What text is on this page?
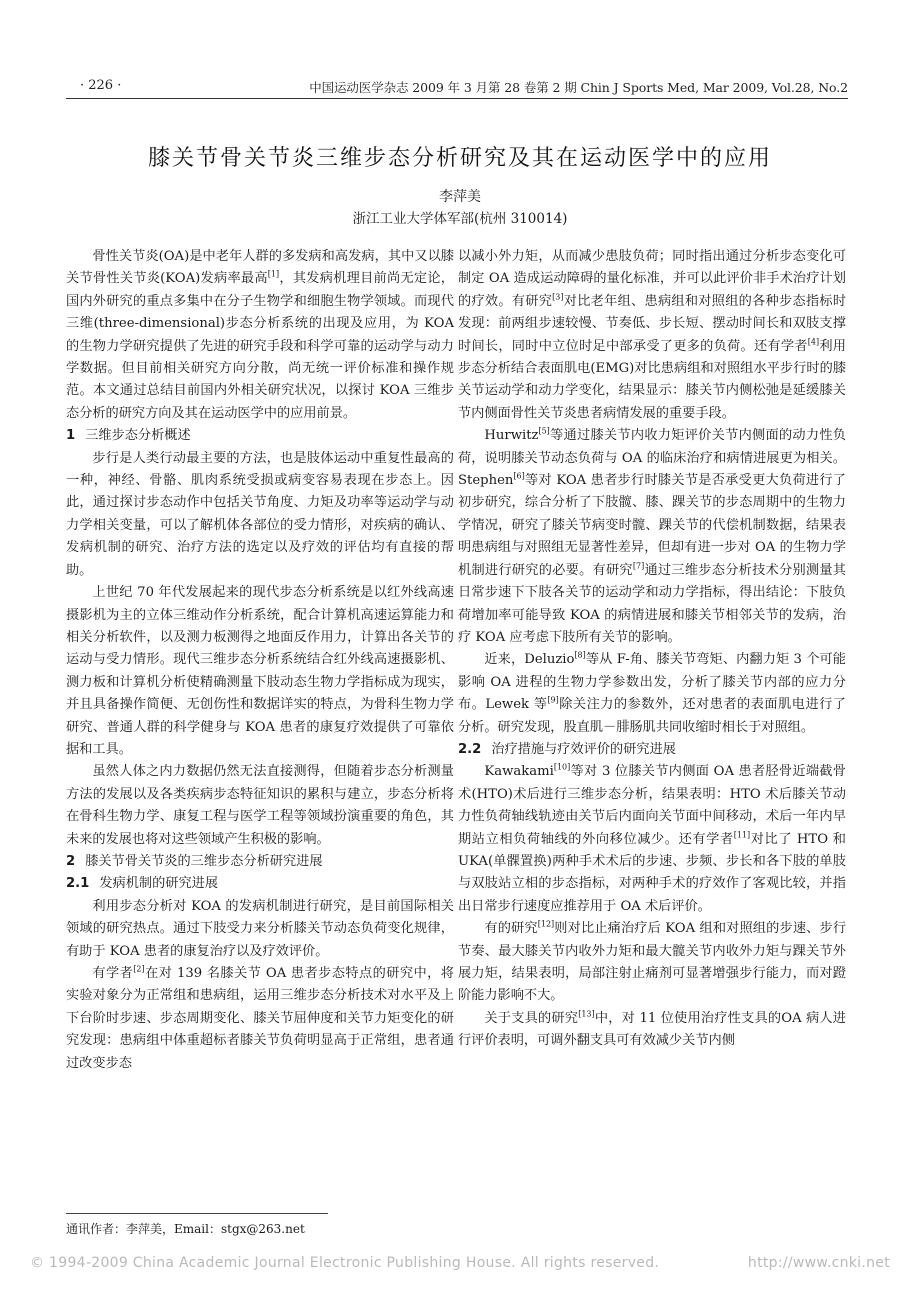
· 226 ·	中国运动医学杂志 2009 年 3 月第 28 卷第 2 期 Chin J Sports Med, Mar 2009, Vol.28, No.2
膝关节骨关节炎三维步态分析研究及其在运动医学中的应用
李萍美
浙江工业大学体军部(杭州 310014)

骨性关节炎(OA)是中老年人群的多发病和高发病，其中又以膝关节骨性关节炎(KOA)发病率最高[1]，其发病机理目前尚无定论，国内外研究的重点多集中在分子生物学和细胞生物学领域。而现代三维(three-dimensional)步态分析系统的出现及应用，为 KOA 的生物力学研究提供了先进的研究手段和科学可靠的运动学与动力学数据。但目前相关研究方向分散，尚无统一评价标准和操作规范。本文通过总结目前国内外相关研究状况，以探讨 KOA 三维步态分析的研究方向及其在运动医学中的应用前景。

1 三维步态分析概述

步行是人类行动最主要的方法，也是肢体运动中重复性最高的一种，神经、骨骼、肌肉系统受损或病变容易表现在步态上。因此，通过探讨步态动作中包括关节角度、力矩及功率等运动学与动力学相关变量，可以了解机体各部位的受力情形，对疾病的确认、发病机制的研究、治疗方法的选定以及疗效的评估均有直接的帮助。

上世纪 70 年代发展起来的现代步态分析系统是以红外线高速摄影机为主的立体三维动作分析系统，配合计算机高速运算能力和相关分析软件，以及测力板测得之地面反作用力，计算出各关节的运动与受力情形。现代三维步态分析系统结合红外线高速摄影机、测力板和计算机分析使精确测量下肢动态生物力学指标成为现实，并且具备操作简便、无创伤性和数据详实的特点，为骨科生物力学研究、普通人群的科学健身与 KOA 患者的康复疗效提供了可靠依据和工具。

虽然人体之内力数据仍然无法直接测得，但随着步态分析测量方法的发展以及各类疾病步态特征知识的累积与建立，步态分析将在骨科生物力学、康复工程与医学工程等领域扮演重要的角色，其未来的发展也将对这些领域产生积极的影响。

2 膝关节骨关节炎的三维步态分析研究进展
2.1 发病机制的研究进展

利用步态分析对 KOA 的发病机制进行研究，是目前国际相关领域的研究热点。通过下肢受力来分析膝关节动态负荷变化规律，有助于 KOA 患者的康复治疗以及疗效评价。

有学者[2]在对 139 名膝关节 OA 患者步态特点的研究中，将实验对象分为正常组和患病组，运用三维步态分析技术对水平及上下台阶时步速、步态周期变化、膝关节屈伸度和关节力矩变化的研究发现：患病组中体重超标者膝关节负荷明显高于正常组，患者通过改变步态

以减小外力矩，从而减少患肢负荷；同时指出通过分析步态变化可制定 OA 造成运动障碍的量化标准，并可以此评价非手术治疗计划的疗效。有研究[3]对比老年组、患病组和对照组的各种步态指标时发现：前两组步速较慢、节奏低、步长短、摆动时间长和双肢支撑时间长，同时中立位时足中部承受了更多的负荷。还有学者[4]利用步态分析结合表面肌电(EMG)对比患病组和对照组水平步行时的膝关节运动学和动力学变化，结果显示：膝关节内侧松弛是延缓膝关节内侧面骨性关节炎患者病情发展的重要手段。

Hurwitz[5]等通过膝关节内收力矩评价关节内侧面的动力性负荷，说明膝关节动态负荷与 OA 的临床治疗和病情进展更为相关。Stephen[6]等对 KOA 患者步行时膝关节是否承受更大负荷进行了初步研究，综合分析了下肢髋、膝、踝关节的步态周期中的生物力学情况，研究了膝关节病变时髋、踝关节的代偿机制数据，结果表明患病组与对照组无显著性差异，但却有进一步对 OA 的生物力学机制进行研究的必要。有研究[7]通过三维步态分析技术分别测量其日常步速下下肢各关节的运动学和动力学指标，得出结论：下肢负荷增加率可能导致 KOA 的病情进展和膝关节相邻关节的发病，治疗 KOA 应考虑下肢所有关节的影响。

近来，Deluzio[8]等从 F-角、膝关节弯矩、内翻力矩 3 个可能影响 OA 进程的生物力学参数出发，分析了膝关节内部的应力分布。Lewek 等[9]除关注力的参数外，还对患者的表面肌电进行了分析。研究发现，股直肌－腓肠肌共同收缩时相长于对照组。

2.2 治疗措施与疗效评价的研究进展

Kawakami[10]等对 3 位膝关节内侧面 OA 患者胫骨近端截骨术(HTO)术后进行三维步态分析，结果表明：HTO 术后膝关节动力性负荷轴线轨迹由关节后内面向关节面中间移动，术后一年内早期站立相负荷轴线的外向移位减少。还有学者[11]对比了 HTO 和 UKA(单髁置换)两种手术术后的步速、步频、步长和各下肢的单肢与双肢站立相的步态指标，对两种手术的疗效作了客观比较，并指出日常步行速度应推荐用于 OA 术后评价。

有的研究[12]则对比止痛治疗后 KOA 组和对照组的步速、步行节奏、最大膝关节内收外力矩和最大髋关节内收外力矩与踝关节外展力矩，结果表明，局部注射止痛剂可显著增强步行能力，而对蹬阶能力影响不大。

关于支具的研究[13]中，对 11 位使用治疗性支具的OA 病人进行评价表明，可调外翻支具可有效减少关节内侧

通讯作者：李萍美，Email：stgx@263.net
© 1994-2009 China Academic Journal Electronic Publishing House. All rights reserved.	http://www.cnki.net
